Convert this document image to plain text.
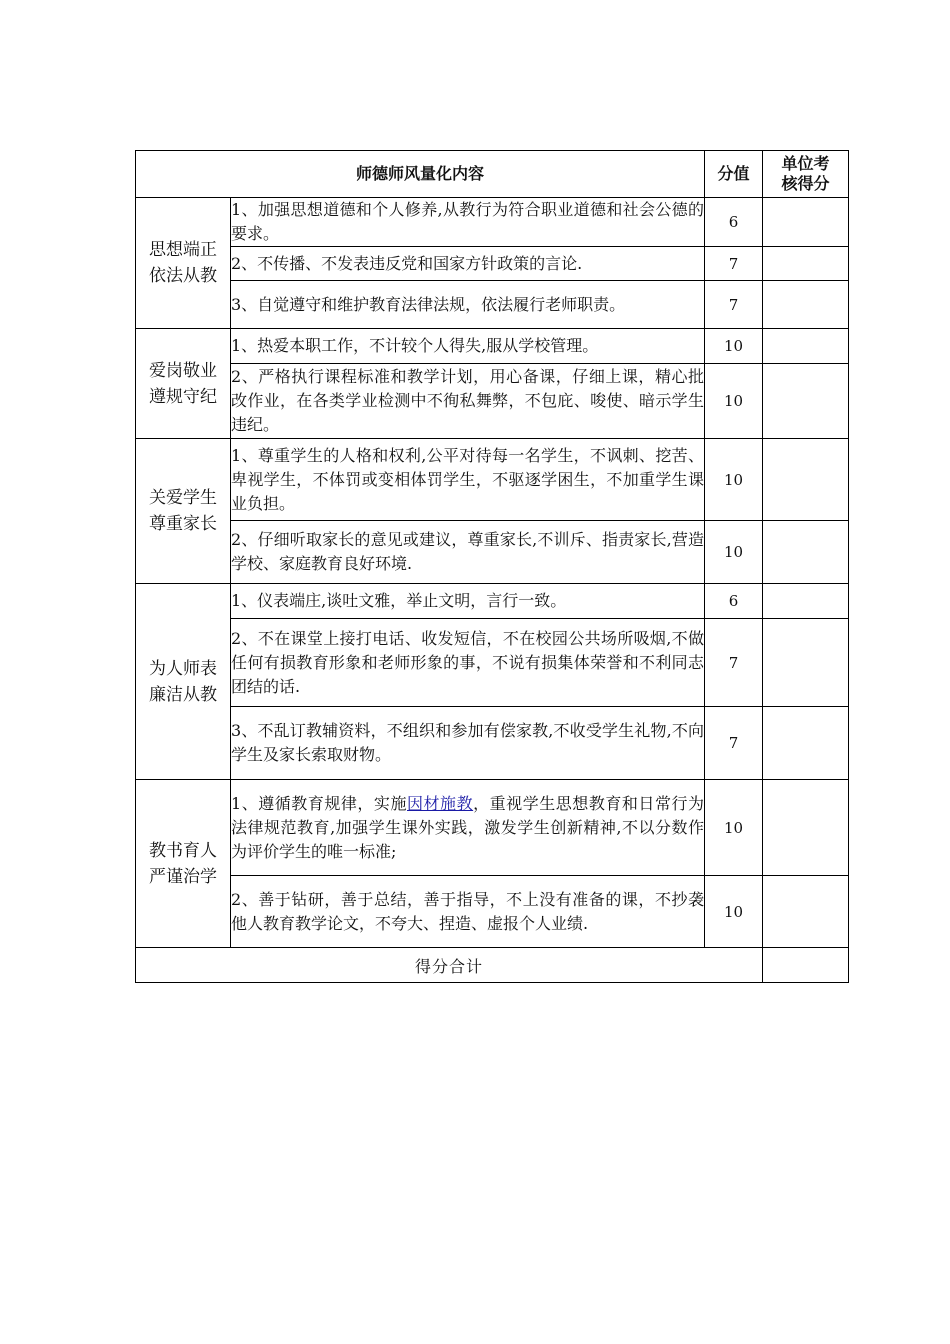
师德师风量化内容		分值	单位考
核得分

思想端正
依法从教	1、加强思想道德和个人修养,从教行为符合职业道德和社会公德的要求。	6	
	2、不传播、不发表违反党和国家方针政策的言论.	7	
	3、自觉遵守和维护教育法律法规，依法履行老师职责。	7	

爱岗敬业
遵规守纪	1、热爱本职工作，不计较个人得失,服从学校管理。	10	
	2、严格执行课程标准和教学计划，用心备课，仔细上课，精心批改作业，在各类学业检测中不徇私舞弊，不包庇、唆使、暗示学生违纪。	10	

关爱学生
尊重家长	1、尊重学生的人格和权利,公平对待每一名学生，不讽刺、挖苦、卑视学生，不体罚或变相体罚学生，不驱逐学困生，不加重学生课业负担。	10	
	2、仔细听取家长的意见或建议，尊重家长,不训斥、指责家长,营造学校、家庭教育良好环境.	10	

为人师表
廉洁从教	1、仪表端庄,谈吐文雅，举止文明，言行一致。	6	
	2、不在课堂上接打电话、收发短信，不在校园公共场所吸烟,不做任何有损教育形象和老师形象的事，不说有损集体荣誉和不利同志团结的话.	7	
	3、不乱订教辅资料，不组织和参加有偿家教,不收受学生礼物,不向学生及家长索取财物。	7	

教书育人
严谨治学	1、遵循教育规律，实施因材施教，重视学生思想教育和日常行为法律规范教育,加强学生课外实践，激发学生创新精神,不以分数作为评价学生的唯一标准;	10	
	2、善于钻研，善于总结，善于指导，不上没有准备的课，不抄袭他人教育教学论文，不夸大、捏造、虚报个人业绩.	10	
得分合计			
